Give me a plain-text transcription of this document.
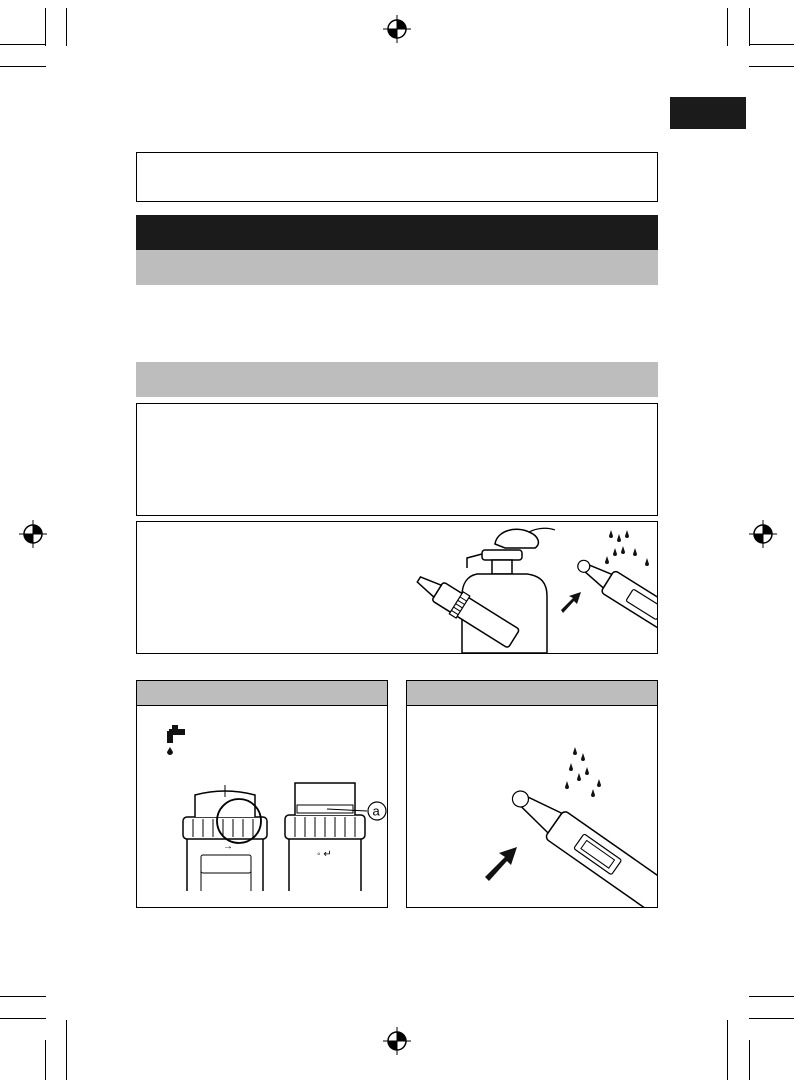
→
a
◦ ↵
